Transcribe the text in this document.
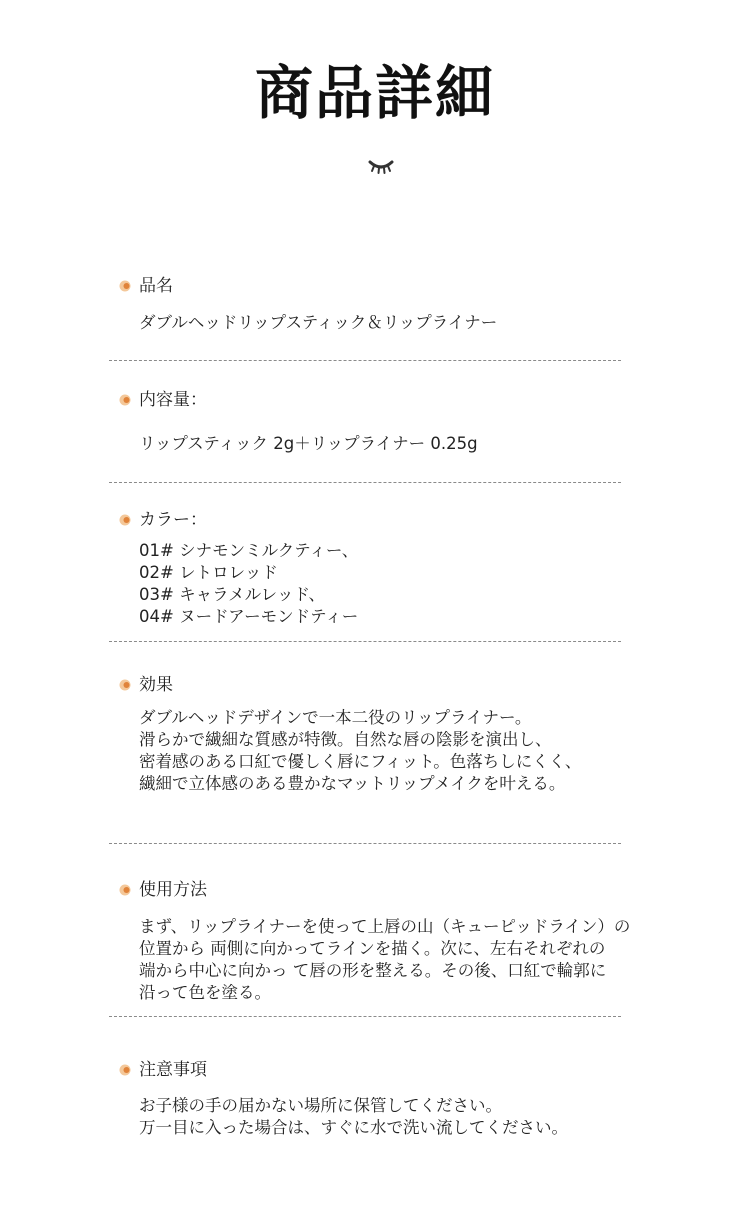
商品詳細
品名
ダブルヘッドリップスティック＆リップライナー
内容量：
リップスティック 2g＋リップライナー 0.25g
カラー：
01# シナモンミルクティー、
02# レトロレッド
03# キャラメルレッド、
04# ヌードアーモンドティー
効果
ダブルヘッドデザインで一本二役のリップライナー。
滑らかで繊細な質感が特徴。自然な唇の陰影を演出し、
密着感のある口紅で優しく唇にフィット。色落ちしにくく、
繊細で立体感のある豊かなマットリップメイクを叶える。
使用方法
まず、リップライナーを使って上唇の山（キューピッドライン）の
位置から 両側に向かってラインを描く。次に、左右それぞれの
端から中心に向かっ て唇の形を整える。その後、口紅で輪郭に
沿って色を塗る。
注意事項
お子様の手の届かない場所に保管してください。
万一目に入った場合は、すぐに水で洗い流してください。
